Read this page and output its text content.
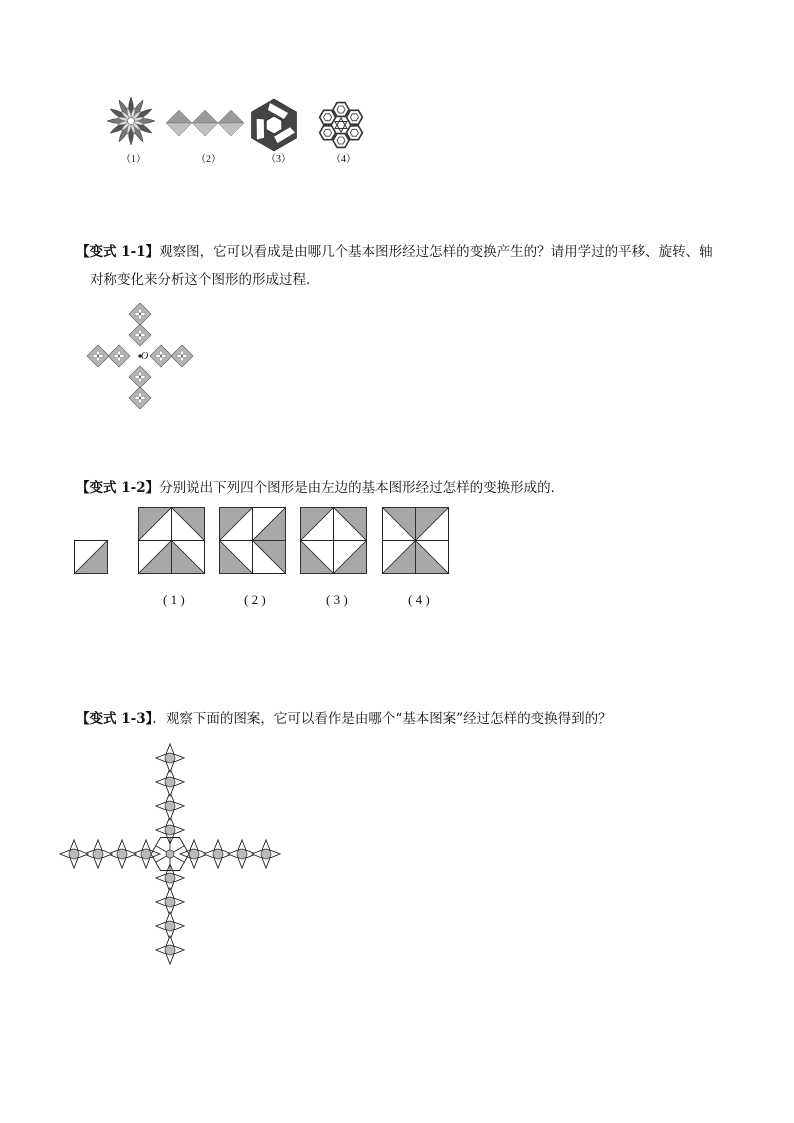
（1）	（2）	（3）	（4）
【变式 1-1】观察图，它可以看成是由哪几个基本图形经过怎样的变换产生的？请用学过的平移、旋转、轴
对称变化来分析这个图形的形成过程．
O
【变式 1-2】分别说出下列四个图形是由左边的基本图形经过怎样的变换形成的．
( 1 )	( 2 )	( 3 )	( 4 )
【变式 1-3】．观察下面的图案，它可以看作是由哪个“基本图案”经过怎样的变换得到的？
